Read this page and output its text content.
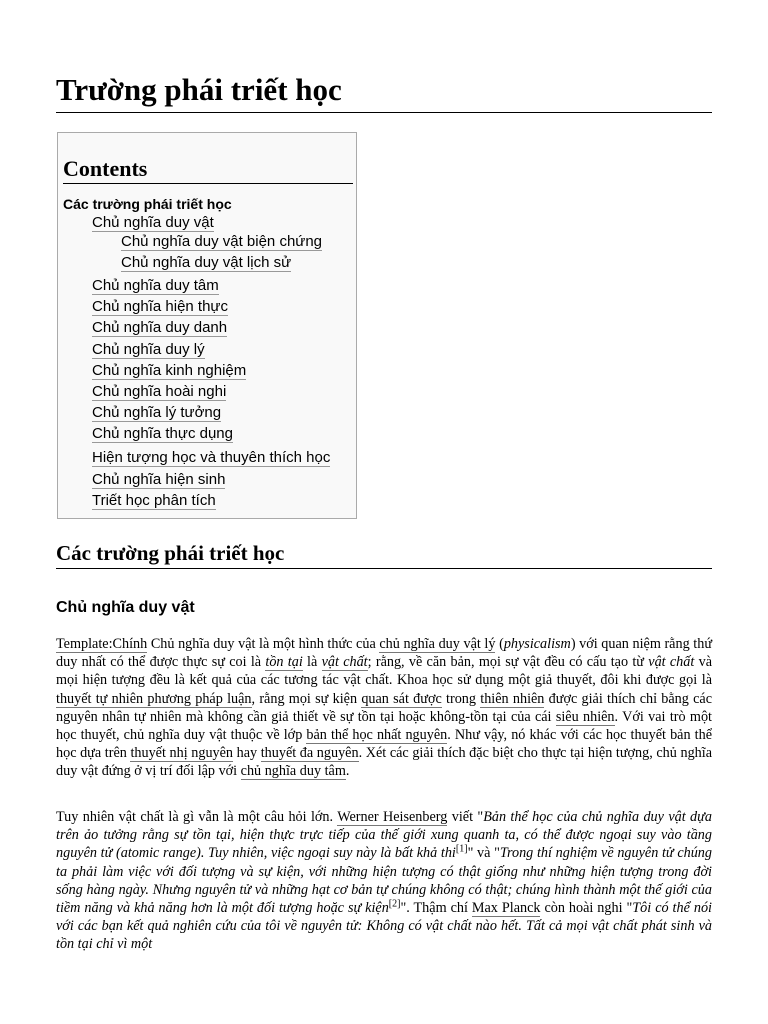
Trường phái triết học
Contents
Các trường phái triết học
Chủ nghĩa duy vật
Chủ nghĩa duy vật biện chứng
Chủ nghĩa duy vật lịch sử
Chủ nghĩa duy tâm
Chủ nghĩa hiện thực
Chủ nghĩa duy danh
Chủ nghĩa duy lý
Chủ nghĩa kinh nghiệm
Chủ nghĩa hoài nghi
Chủ nghĩa lý tưởng
Chủ nghĩa thực dụng
Hiện tượng học và thuyên thích học
Chủ nghĩa hiện sinh
Triết học phân tích
Các trường phái triết học
Chủ nghĩa duy vật

Template:Chính Chủ nghĩa duy vật là một hình thức của chủ nghĩa duy vật lý (physicalism) với quan niệm rằng thứ duy nhất có thể được thực sự coi là tồn tại là vật chất; rằng, về căn bản, mọi sự vật đều có cấu tạo từ vật chất và mọi hiện tượng đều là kết quả của các tương tác vật chất. Khoa học sử dụng một giả thuyết, đôi khi được gọi là thuyết tự nhiên phương pháp luận, rằng mọi sự kiện quan sát được trong thiên nhiên được giải thích chỉ bằng các nguyên nhân tự nhiên mà không cần giả thiết về sự tồn tại hoặc không-tồn tại của cái siêu nhiên. Với vai trò một học thuyết, chủ nghĩa duy vật thuộc về lớp bản thể học nhất nguyên. Như vậy, nó khác với các học thuyết bản thể học dựa trên thuyết nhị nguyên hay thuyết đa nguyên. Xét các giải thích đặc biệt cho thực tại hiện tượng, chủ nghĩa duy vật đứng ở vị trí đối lập với chủ nghĩa duy tâm.

Tuy nhiên vật chất là gì vẫn là một câu hỏi lớn. Werner Heisenberg viết "Bản thể học của chủ nghĩa duy vật dựa trên ảo tưởng rằng sự tồn tại, hiện thực trực tiếp của thế giới xung quanh ta, có thể được ngoại suy vào tầng nguyên tử (atomic range). Tuy nhiên, việc ngoại suy này là bất khả thi[1]" và "Trong thí nghiệm về nguyên tử chúng ta phải làm việc với đối tượng và sự kiện, với những hiện tượng có thật giống như những hiện tượng trong đời sống hàng ngày. Nhưng nguyên tử và những hạt cơ bản tự chúng không có thật; chúng hình thành một thế giới của tiềm năng và khả năng hơn là một đối tượng hoặc sự kiện[2]". Thậm chí Max Planck còn hoài nghi "Tôi có thể nói với các bạn kết quả nghiên cứu của tôi về nguyên tử: Không có vật chất nào hết. Tất cả mọi vật chất phát sinh và tồn tại chỉ vì một
